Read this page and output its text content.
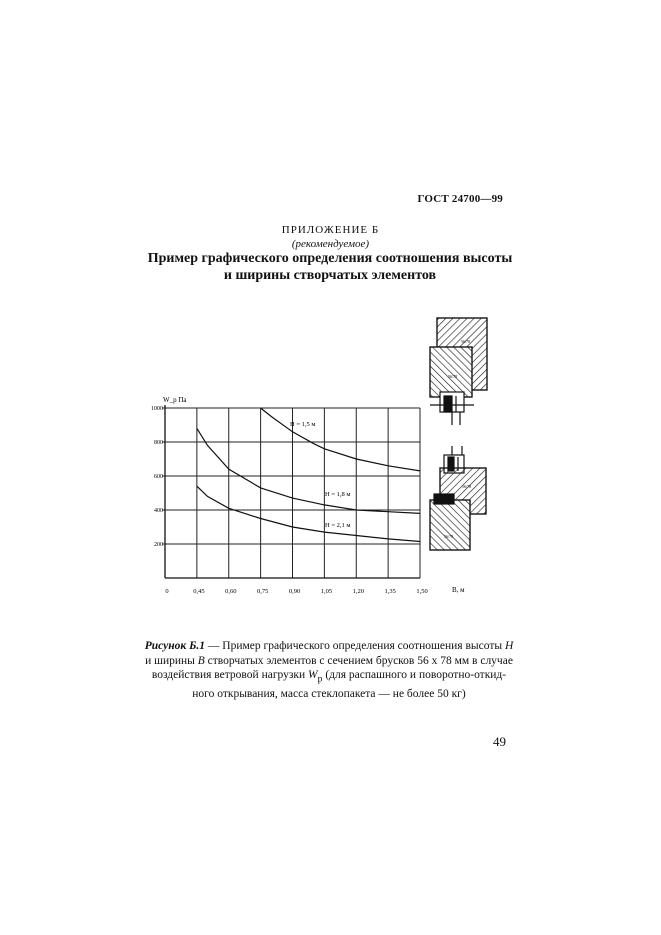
ГОСТ 24700—99
ПРИЛОЖЕНИЕ Б
(рекомендуемое)
Пример графического определения соотношения высоты
и ширины створчатых элементов
1000
800
600
400
200
0	0,45	0,60	0,75	0,90	1,05	1,20	1,35	1,50
W_p Па
В, м
H = 1,5 м
H = 1,8 м
H = 2,1 м
56/78
56/78
56/78
56/78
Рисунок Б.1 — Пример графического определения соотношения высоты H
и ширины B створчатых элементов с сечением брусков 56 х 78 мм в случае
воздействия ветровой нагрузки $W_p$ (для распашного и поворотно-откид-
ного открывания, масса стеклопакета — не более 50 кг)
49
